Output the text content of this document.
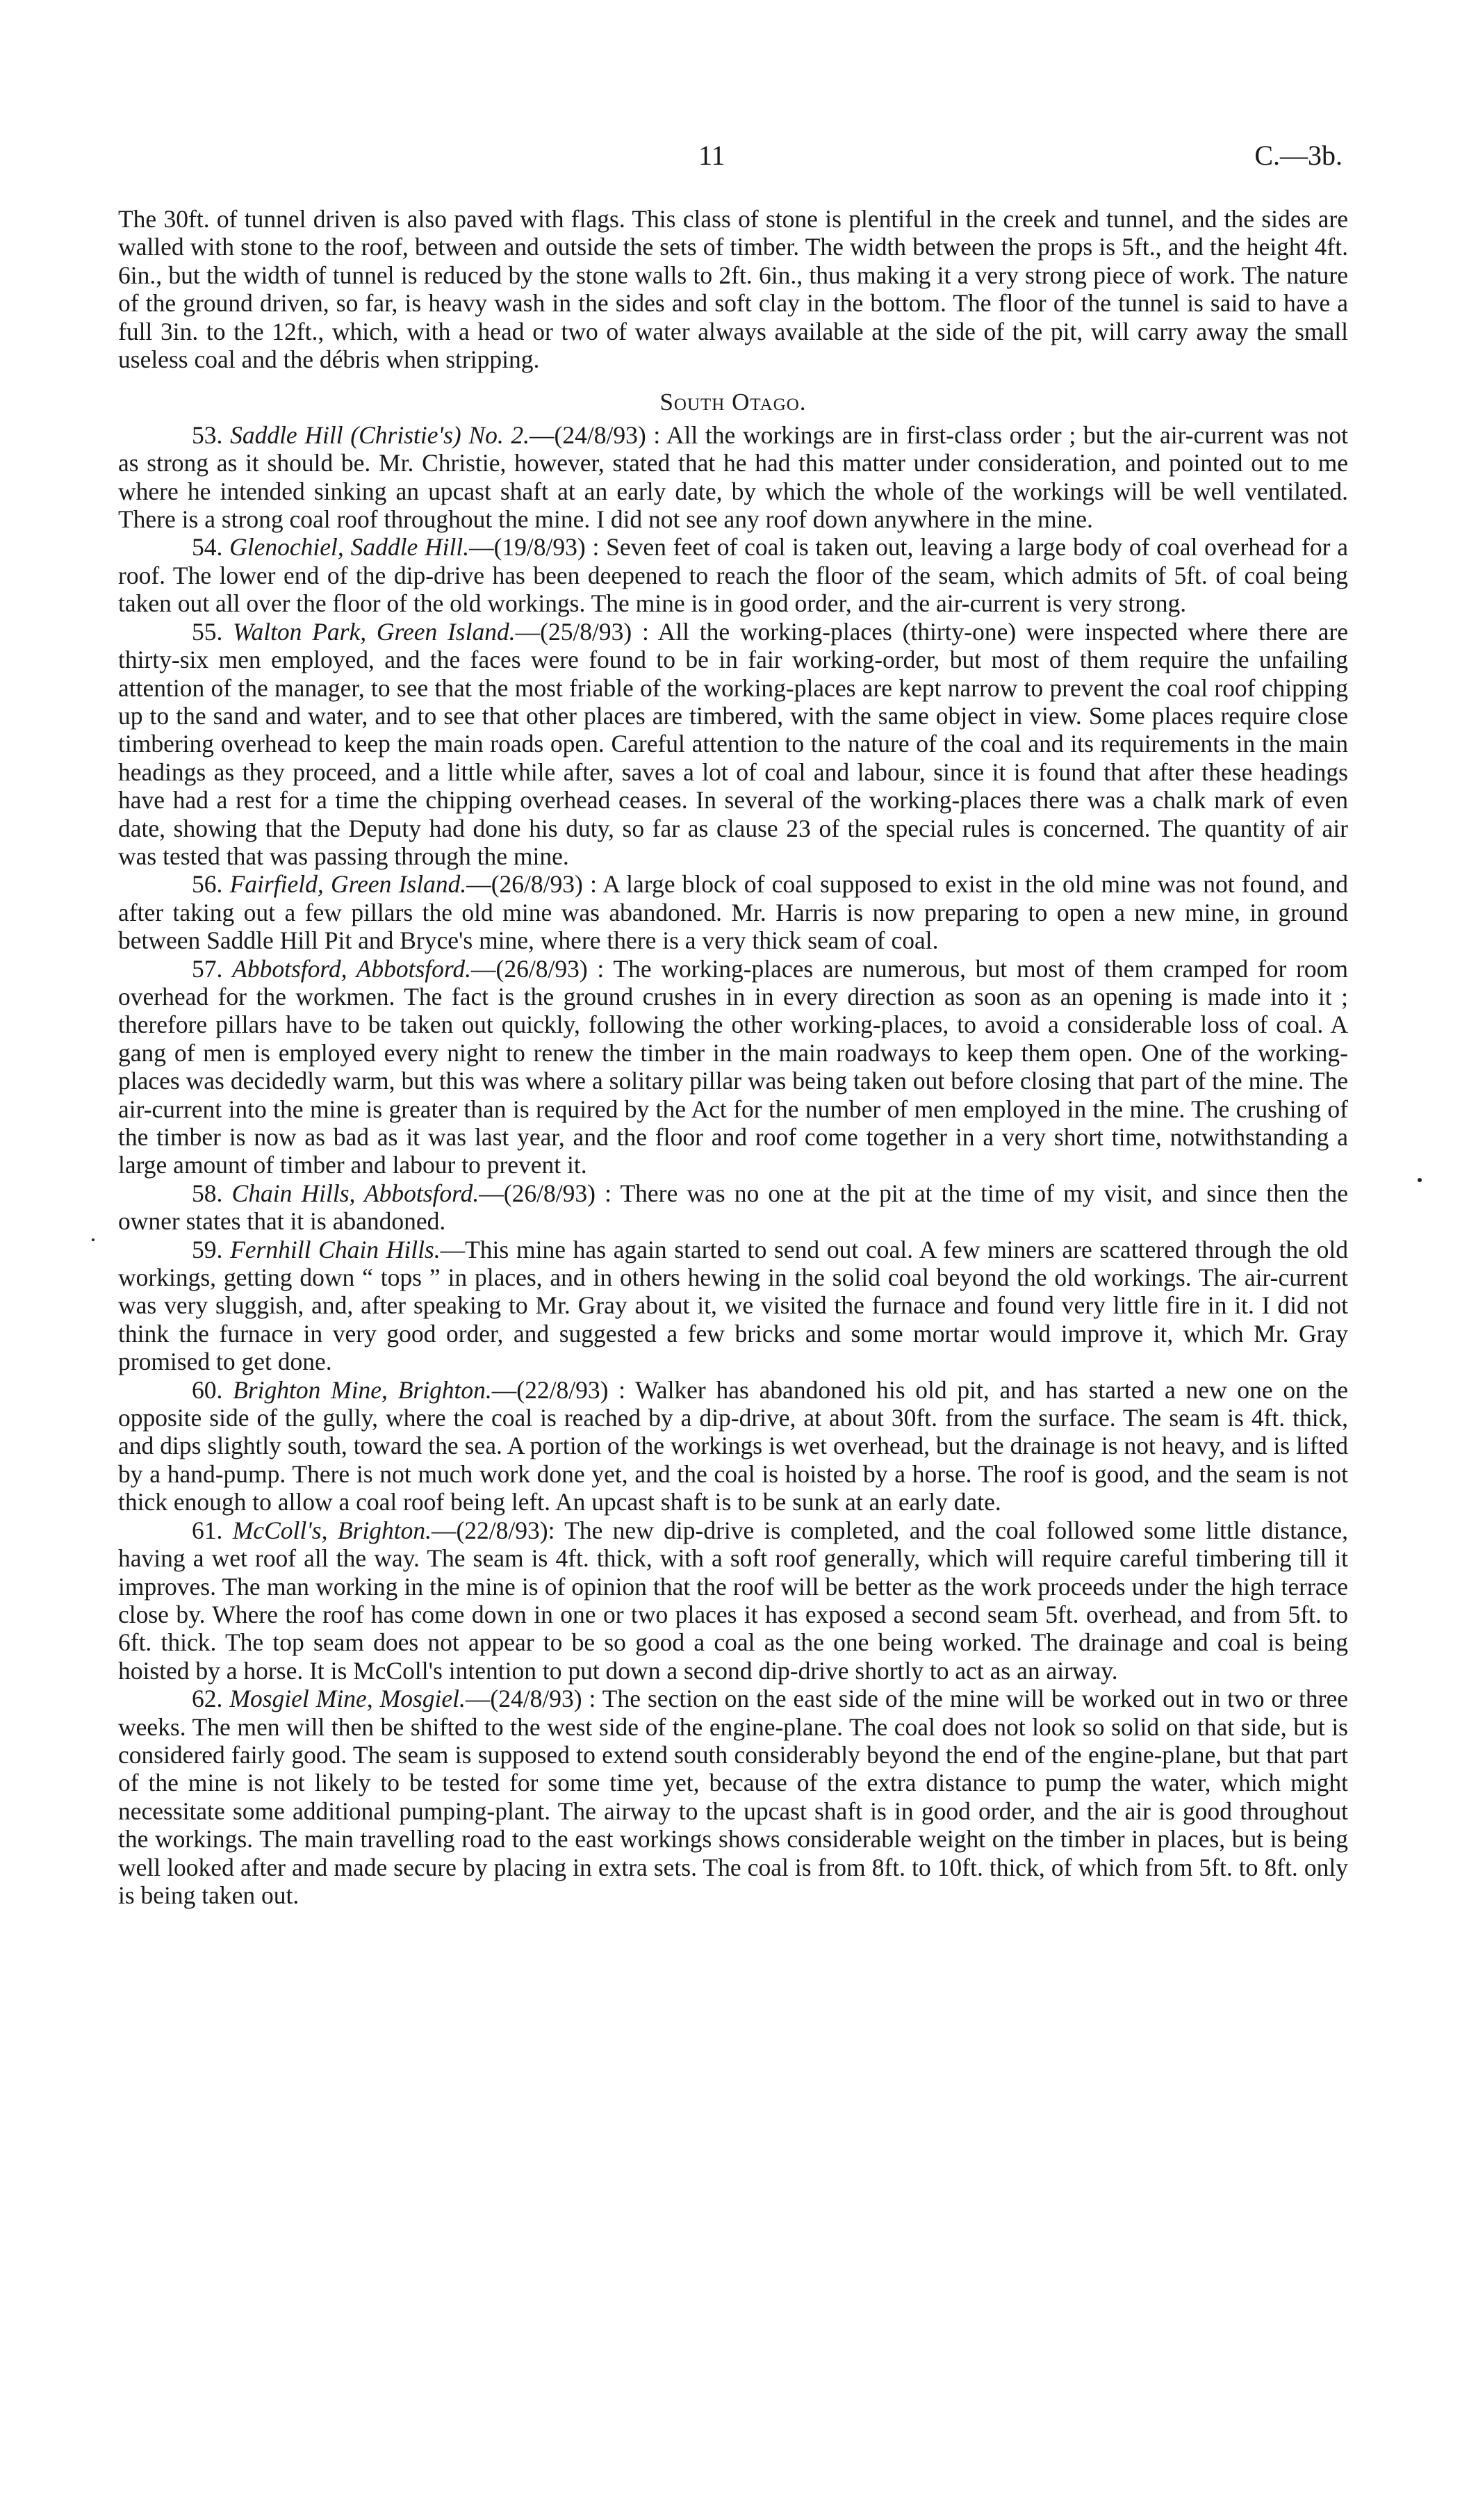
11	C.—3b.

The 30ft. of tunnel driven is also paved with flags. This class of stone is plentiful in the creek and tunnel, and the sides are walled with stone to the roof, between and outside the sets of timber. The width between the props is 5ft., and the height 4ft. 6in., but the width of tunnel is reduced by the stone walls to 2ft. 6in., thus making it a very strong piece of work. The nature of the ground driven, so far, is heavy wash in the sides and soft clay in the bottom. The floor of the tunnel is said to have a full 3in. to the 12ft., which, with a head or two of water always available at the side of the pit, will carry away the small useless coal and the débris when stripping.

South Otago.

53. Saddle Hill (Christie's) No. 2.—(24/8/93) : All the workings are in first-class order ; but the air-current was not as strong as it should be. Mr. Christie, however, stated that he had this matter under consideration, and pointed out to me where he intended sinking an upcast shaft at an early date, by which the whole of the workings will be well ventilated. There is a strong coal roof throughout the mine. I did not see any roof down anywhere in the mine.

54. Glenochiel, Saddle Hill.—(19/8/93) : Seven feet of coal is taken out, leaving a large body of coal overhead for a roof. The lower end of the dip-drive has been deepened to reach the floor of the seam, which admits of 5ft. of coal being taken out all over the floor of the old workings. The mine is in good order, and the air-current is very strong.

55. Walton Park, Green Island.—(25/8/93) : All the working-places (thirty-one) were inspected where there are thirty-six men employed, and the faces were found to be in fair working-order, but most of them require the unfailing attention of the manager, to see that the most friable of the working-places are kept narrow to prevent the coal roof chipping up to the sand and water, and to see that other places are timbered, with the same object in view. Some places require close timbering overhead to keep the main roads open. Careful attention to the nature of the coal and its requirements in the main headings as they proceed, and a little while after, saves a lot of coal and labour, since it is found that after these headings have had a rest for a time the chipping overhead ceases. In several of the working-places there was a chalk mark of even date, showing that the Deputy had done his duty, so far as clause 23 of the special rules is concerned. The quantity of air was tested that was passing through the mine.

56. Fairfield, Green Island.—(26/8/93) : A large block of coal supposed to exist in the old mine was not found, and after taking out a few pillars the old mine was abandoned. Mr. Harris is now preparing to open a new mine, in ground between Saddle Hill Pit and Bryce's mine, where there is a very thick seam of coal.

57. Abbotsford, Abbotsford.—(26/8/93) : The working-places are numerous, but most of them cramped for room overhead for the workmen. The fact is the ground crushes in in every direction as soon as an opening is made into it ; therefore pillars have to be taken out quickly, following the other working-places, to avoid a considerable loss of coal. A gang of men is employed every night to renew the timber in the main roadways to keep them open. One of the working-places was decidedly warm, but this was where a solitary pillar was being taken out before closing that part of the mine. The air-current into the mine is greater than is required by the Act for the number of men employed in the mine. The crushing of the timber is now as bad as it was last year, and the floor and roof come together in a very short time, notwithstanding a large amount of timber and labour to prevent it.

58. Chain Hills, Abbotsford.—(26/8/93) : There was no one at the pit at the time of my visit, and since then the owner states that it is abandoned.

59. Fernhill Chain Hills.—This mine has again started to send out coal. A few miners are scattered through the old workings, getting down “ tops ” in places, and in others hewing in the solid coal beyond the old workings. The air-current was very sluggish, and, after speaking to Mr. Gray about it, we visited the furnace and found very little fire in it. I did not think the furnace in very good order, and suggested a few bricks and some mortar would improve it, which Mr. Gray promised to get done.

60. Brighton Mine, Brighton.—(22/8/93) : Walker has abandoned his old pit, and has started a new one on the opposite side of the gully, where the coal is reached by a dip-drive, at about 30ft. from the surface. The seam is 4ft. thick, and dips slightly south, toward the sea. A portion of the workings is wet overhead, but the drainage is not heavy, and is lifted by a hand-pump. There is not much work done yet, and the coal is hoisted by a horse. The roof is good, and the seam is not thick enough to allow a coal roof being left. An upcast shaft is to be sunk at an early date.

61. McColl's, Brighton.—(22/8/93): The new dip-drive is completed, and the coal followed some little distance, having a wet roof all the way. The seam is 4ft. thick, with a soft roof generally, which will require careful timbering till it improves. The man working in the mine is of opinion that the roof will be better as the work proceeds under the high terrace close by. Where the roof has come down in one or two places it has exposed a second seam 5ft. overhead, and from 5ft. to 6ft. thick. The top seam does not appear to be so good a coal as the one being worked. The drainage and coal is being hoisted by a horse. It is McColl's intention to put down a second dip-drive shortly to act as an airway.

62. Mosgiel Mine, Mosgiel.—(24/8/93) : The section on the east side of the mine will be worked out in two or three weeks. The men will then be shifted to the west side of the engine-plane. The coal does not look so solid on that side, but is considered fairly good. The seam is supposed to extend south considerably beyond the end of the engine-plane, but that part of the mine is not likely to be tested for some time yet, because of the extra distance to pump the water, which might necessitate some additional pumping-plant. The airway to the upcast shaft is in good order, and the air is good throughout the workings. The main travelling road to the east workings shows considerable weight on the timber in places, but is being well looked after and made secure by placing in extra sets. The coal is from 8ft. to 10ft. thick, of which from 5ft. to 8ft. only is being taken out.
